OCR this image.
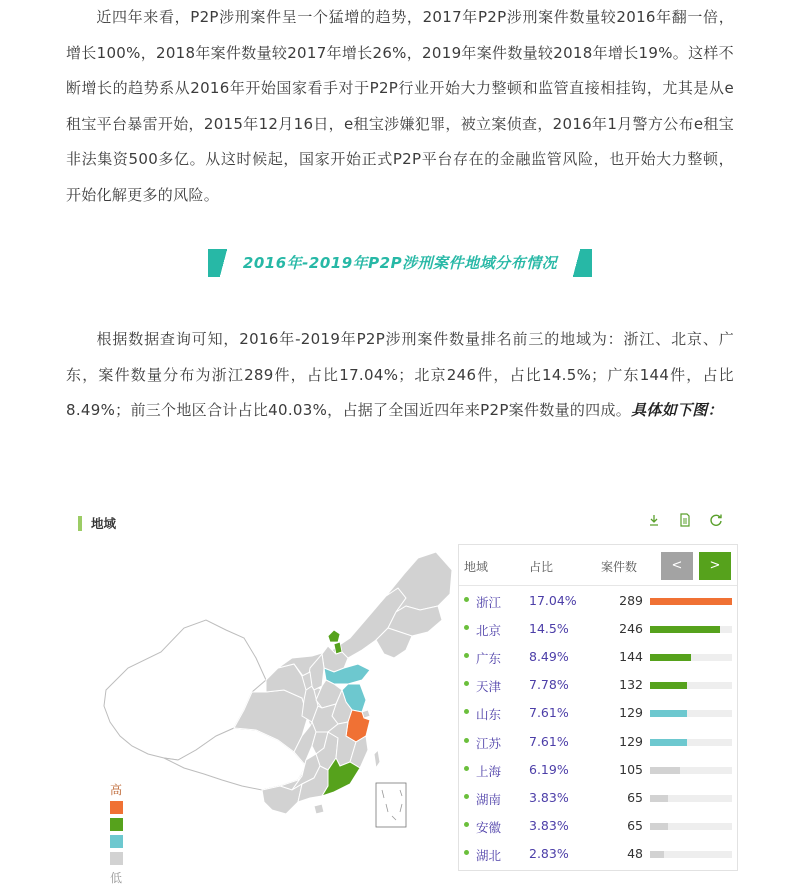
近四年来看，P2P涉刑案件呈一个猛增的趋势，2017年P2P涉刑案件数量较2016年翻一倍，增长100%，2018年案件数量较2017年增长26%，2019年案件数量较2018年增长19%。这样不断增长的趋势系从2016年开始国家看手对于P2P行业开始大力整顿和监管直接相挂钩，尤其是从e租宝平台暴雷开始，2015年12月16日，e租宝涉嫌犯罪，被立案侦查，2016年1月警方公布e租宝非法集资500多亿。从这时候起，国家开始正式P2P平台存在的金融监管风险，也开始大力整顿，开始化解更多的风险。

2016年-2019年P2P涉刑案件地域分布情况

根据数据查询可知，2016年-2019年P2P涉刑案件数量排名前三的地域为：浙江、北京、广东，案件数量分布为浙江289件，占比17.04%；北京246件，占比14.5%；广东144件，占比8.49%；前三个地区合计占比40.03%，占据了全国近四年来P2P案件数量的四成。具体如下图：

地域

高
低
地域	占比	案件数	<	>
浙江 17.04%	289
北京 14.5%	246
广东 8.49%	144
天津 7.78%	132
山东 7.61%	129
江苏 7.61%	129
上海 6.19%	105
湖南 3.83%	65
安徽 3.83%	65
湖北 2.83%	48
